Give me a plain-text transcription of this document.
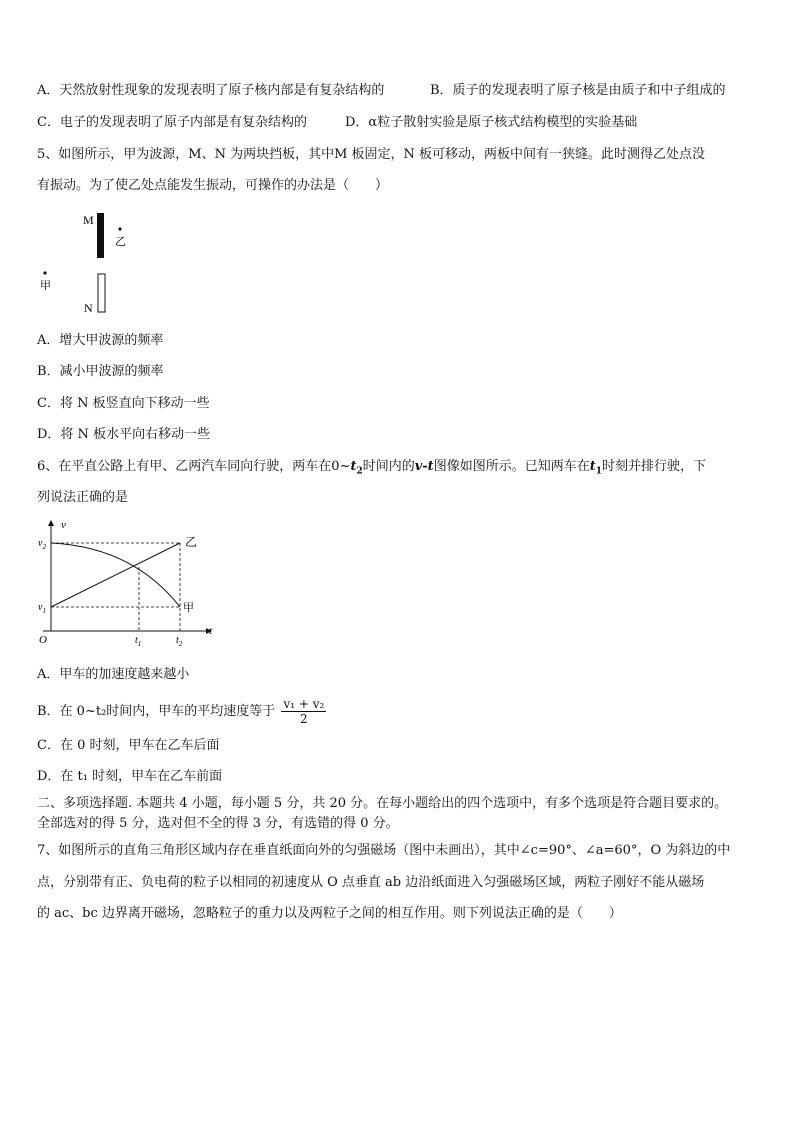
A．天然放射性现象的发现表明了原子核内部是有复杂结构的	B．质子的发现表明了原子核是由质子和中子组成的
C．电子的发现表明了原子内部是有复杂结构的	D．α粒子散射实验是原子核式结构模型的实验基础
5、如图所示，甲为波源，M、N 为两块挡板，其中M 板固定，N 板可移动，两板中间有一狭缝。此时测得乙处点没
有振动。为了使乙处点能发生振动，可操作的办法是（　　）
M
乙
甲
N
A．增大甲波源的频率
B．减小甲波源的频率
C．将 N 板竖直向下移动一些
D．将 N 板水平向右移动一些
6、在平直公路上有甲、乙两汽车同向行驶，两车在$0\sim t_2$时间内的v-t图像如图所示。已知两车在$t_1$时刻并排行驶，下
列说法正确的是
v
t
O
$v_2$
$v_1$
$t_1$	$t_2$
乙
甲
A．甲车的加速度越来越小
B．在 0~t₂时间内，甲车的平均速度等于 $\frac{\text{v₁ + v₂}}{2}$
C．在 0 时刻，甲车在乙车后面
D．在 t₁ 时刻，甲车在乙车前面
二、多项选择题. 本题共 4 小题，每小题 5 分，共 20 分。在每小题给出的四个选项中，有多个选项是符合题目要求的。
全部选对的得 5 分，选对但不全的得 3 分，有选错的得 0 分。
7、如图所示的直角三角形区域内存在垂直纸面向外的匀强磁场（图中未画出），其中∠c=90°、∠a=60°，O 为斜边的中
点，分别带有正、负电荷的粒子以相同的初速度从 O 点垂直 ab 边沿纸面进入匀强磁场区域，两粒子刚好不能从磁场
的 ac、bc 边界离开磁场，忽略粒子的重力以及两粒子之间的相互作用。则下列说法正确的是（　　）
